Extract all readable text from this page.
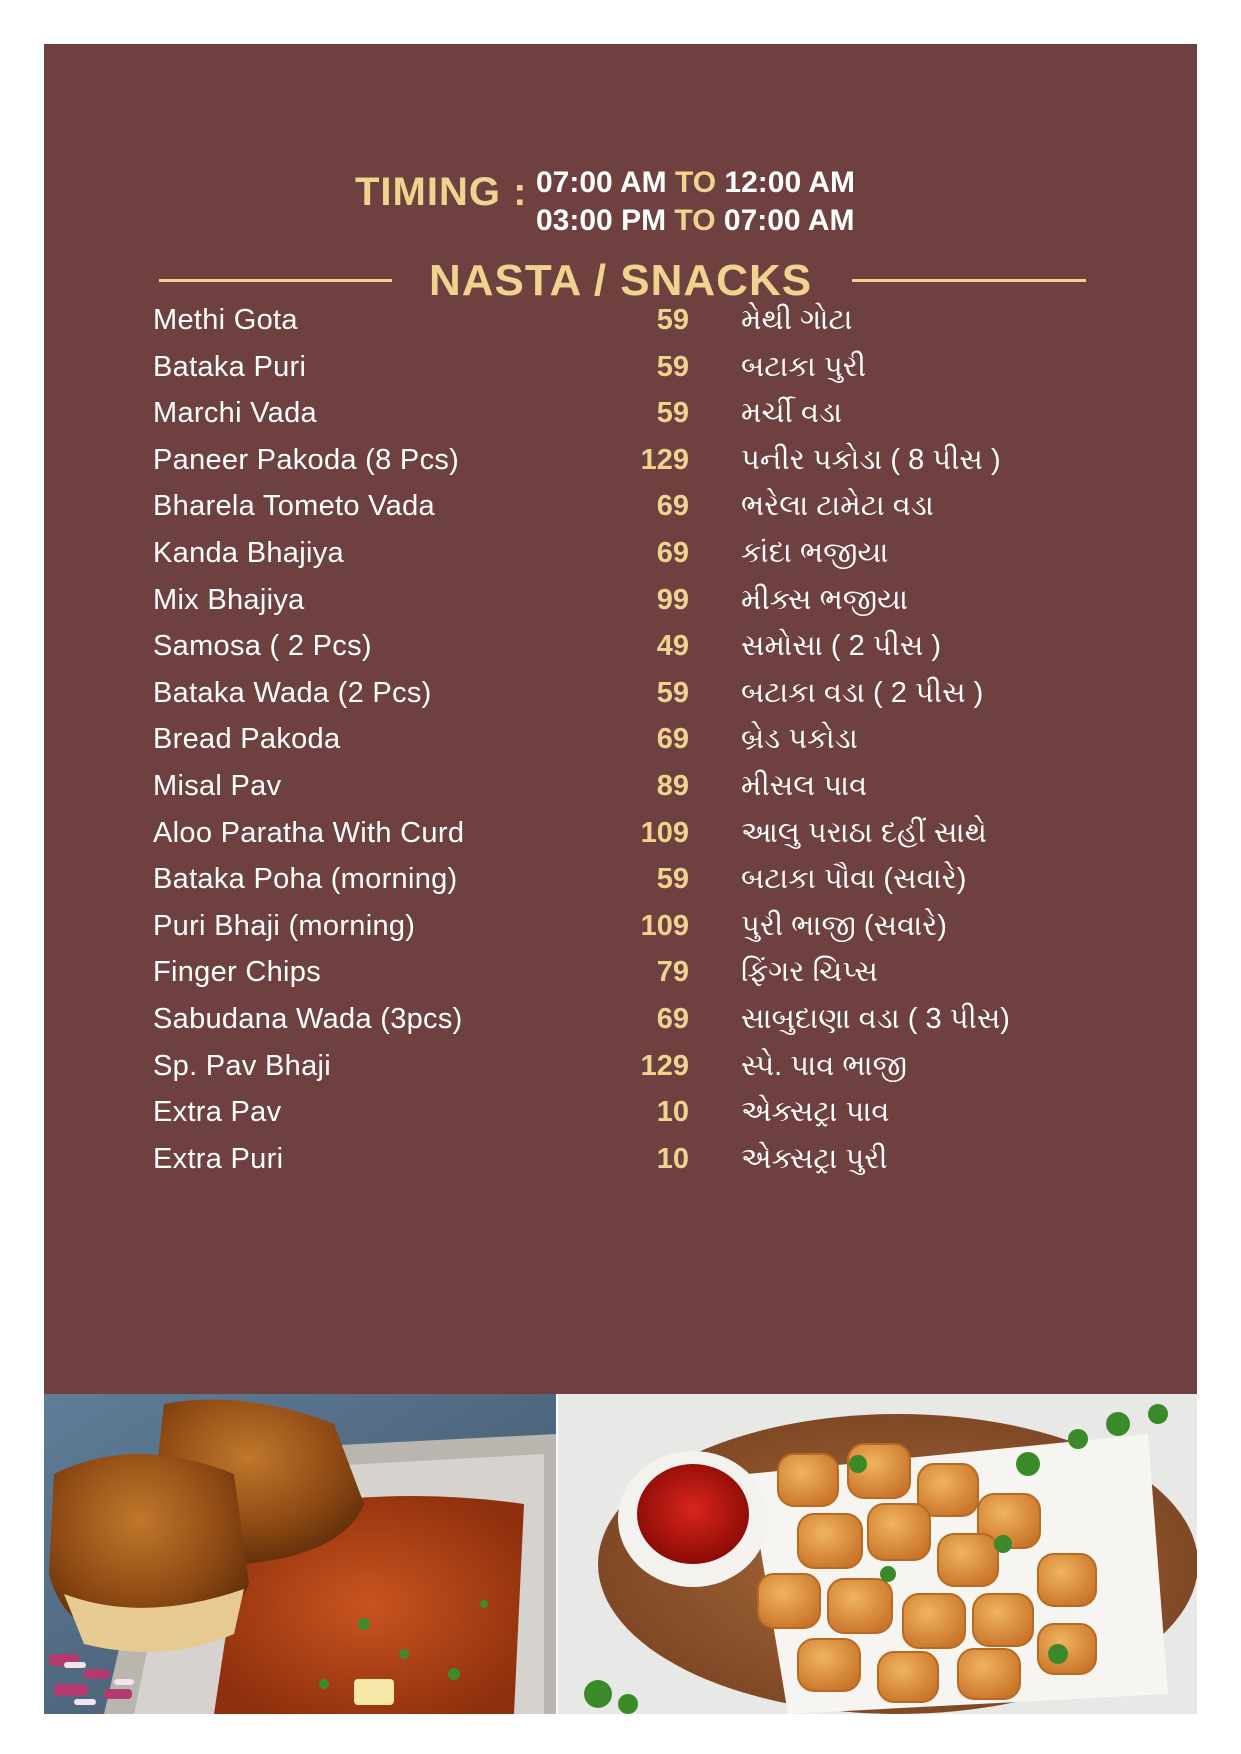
TIMING : 07:00 AM TO 12:00 AM
03:00 PM TO 07:00 AM
NASTA / SNACKS
Methi Gota	59 મેથી ગોટા
Bataka Puri	59 બટાકા પુરી
Marchi Vada	59 મર્ચી વડા
Paneer Pakoda (8 Pcs)	129 પનીર પકોડા ( 8 પીસ )
Bharela Tometo Vada	69 ભરેલા ટામેટા વડા
Kanda Bhajiya	69 કાંદા ભજીયા
Mix Bhajiya	99 મીક્સ ભજીયા
Samosa ( 2 Pcs)	49 સમોસા ( 2 પીસ )
Bataka Wada (2 Pcs)	59 બટાકા વડા ( 2 પીસ )
Bread Pakoda	69 બ્રેડ પકોડા
Misal Pav	89 મીસલ પાવ
Aloo Paratha With Curd	109 આલુ પરાઠા દહીં સાથે
Bataka Poha (morning)	59 બટાકા પૌવા (સવારે)
Puri Bhaji (morning)	109 પુરી ભાજી (સવારે)
Finger Chips	79 ફિંગર ચિપ્સ
Sabudana Wada (3pcs)	69 સાબુદાણા વડા ( 3 પીસ)
Sp. Pav Bhaji	129 સ્પે. પાવ ભાજી
Extra Pav	10 એક્સટ્રા પાવ
Extra Puri	10 એક્સટ્રા પુરી
